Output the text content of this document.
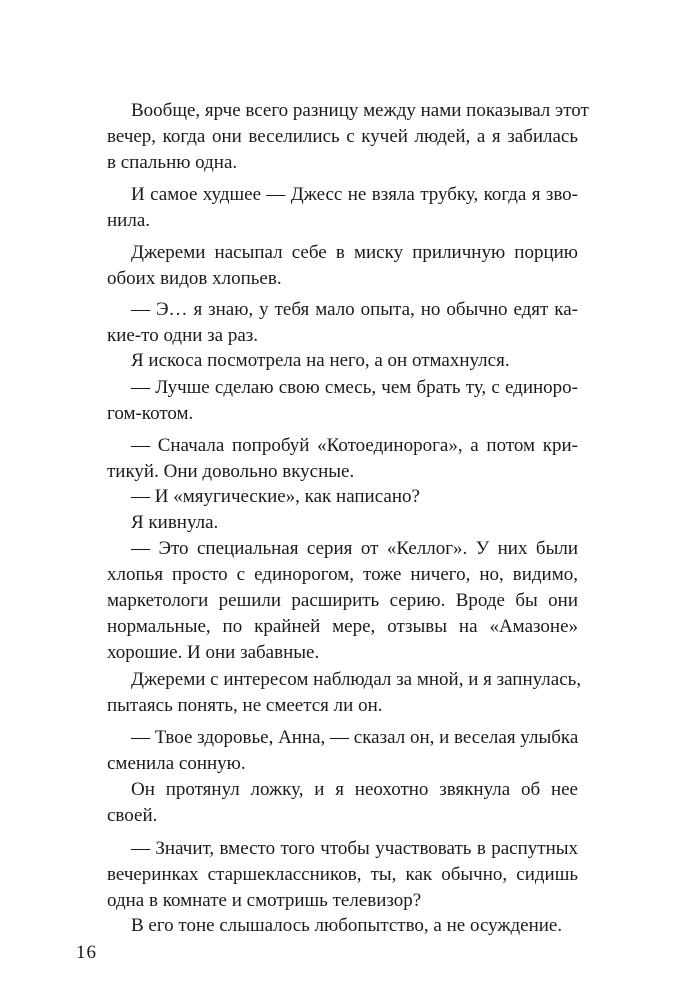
Вообще, ярче всего разницу между нами показывал этот

вечер, когда они веселились с кучей людей, а я забилась

в спальню одна.

И самое худшее — Джесс не взяла трубку, когда я зво-

нила.

Джереми насыпал себе в миску приличную порцию

обоих видов хлопьев.

— Э… я знаю, у тебя мало опыта, но обычно едят ка-

кие-то одни за раз.

Я искоса посмотрела на него, а он отмахнулся.

— Лучше сделаю свою смесь, чем брать ту, с единоро-

гом-котом.

— Сначала попробуй «Котоединорога», а потом кри-

тикуй. Они довольно вкусные.

— И «мяугические», как написано?

Я кивнула.

— Это специальная серия от «Келлог». У них были

хлопья просто с единорогом, тоже ничего, но, видимо,

маркетологи решили расширить серию. Вроде бы они

нормальные, по крайней мере, отзывы на «Амазоне»

хорошие. И они забавные.

Джереми с интересом наблюдал за мной, и я запнулась,

пытаясь понять, не смеется ли он.

— Твое здоровье, Анна, — сказал он, и веселая улыбка

сменила сонную.

Он протянул ложку, и я неохотно звякнула об нее

своей.

— Значит, вместо того чтобы участвовать в распутных

вечеринках старшеклассников, ты, как обычно, сидишь

одна в комнате и смотришь телевизор?

В его тоне слышалось любопытство, а не осуждение.

16
